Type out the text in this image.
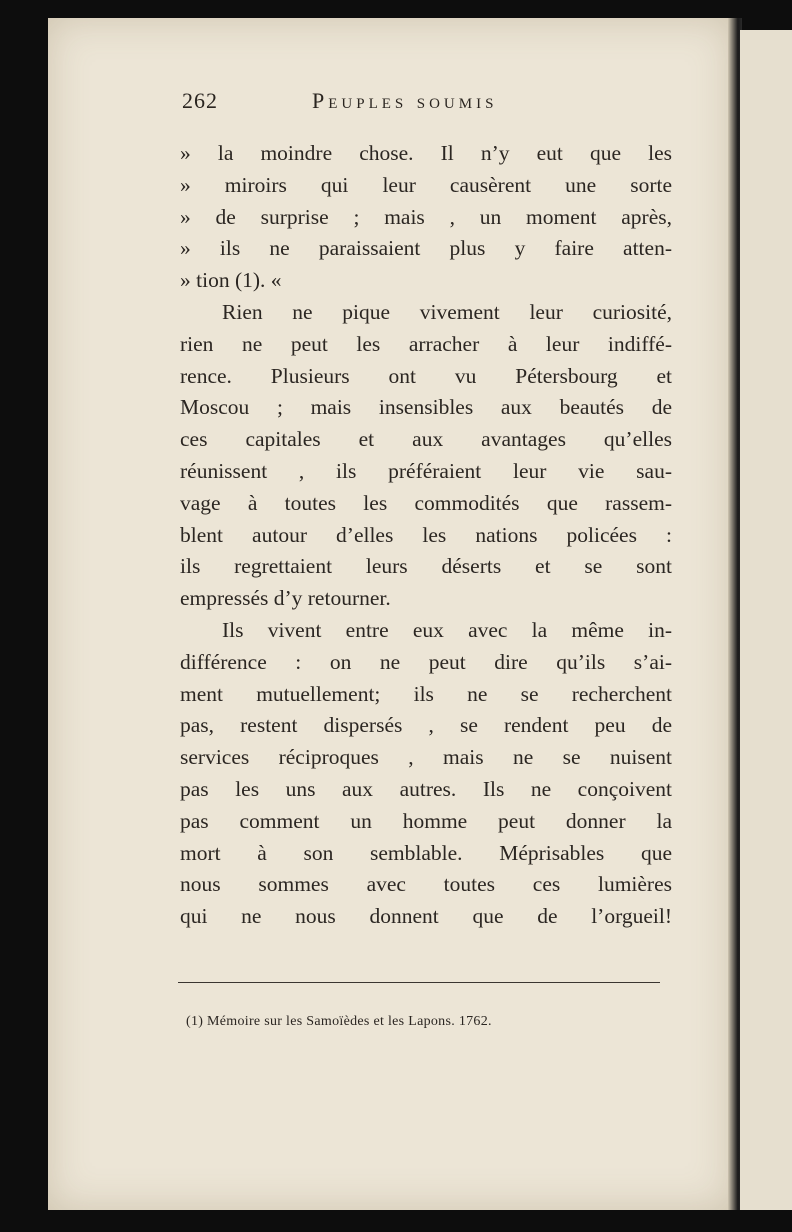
262	Peuples soumis
» la moindre chose. Il n’y eut que les
» miroirs qui leur causèrent une sorte
» de surprise ; mais , un moment après,
» ils ne paraissaient plus y faire atten-
» tion (1). «
Rien ne pique vivement leur curiosité,
rien ne peut les arracher à leur indiffé-
rence. Plusieurs ont vu Pétersbourg et
Moscou ; mais insensibles aux beautés de
ces capitales et aux avantages qu’elles
réunissent , ils préféraient leur vie sau-
vage à toutes les commodités que rassem-
blent autour d’elles les nations policées :
ils regrettaient leurs déserts et se sont
empressés d’y retourner.
Ils vivent entre eux avec la même in-
différence : on ne peut dire qu’ils s’ai-
ment mutuellement; ils ne se recherchent
pas, restent dispersés , se rendent peu de
services réciproques , mais ne se nuisent
pas les uns aux autres. Ils ne conçoivent
pas comment un homme peut donner la
mort à son semblable. Méprisables que
nous sommes avec toutes ces lumières
qui ne nous donnent que de l’orgueil!
(1) Mémoire sur les Samoïèdes et les Lapons. 1762.
